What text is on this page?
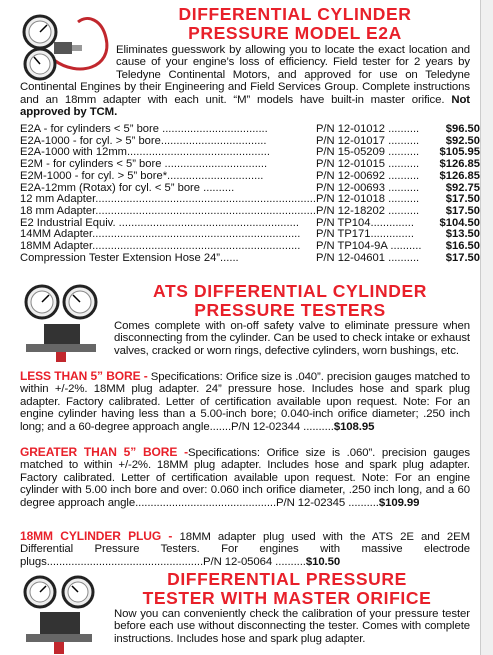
DIFFERENTIAL CYLINDER
PRESSURE MODEL E2A
Eliminates guesswork by allowing you to locate the exact location and cause of your engine’s loss of efficiency. Field tester for 2 years by Teledyne Continental Motors, and approved for use on Teledyne Continental Engines by their Engineering and Field Services Group. Complete instructions and an 18mm adapter with each unit. “M” models have built-in master orifice. Not approved by TCM.
E2A - for cylinders < 5” bore ..................................	P/N 12-01012 ..........	$96.50
E2A-1000 - for cyl. > 5” bore..................................	P/N 12-01017 ..........	$92.50
E2A-1000 with 12mm..............................................	P/N 15-05209 ..........	$105.95
E2M - for cylinders < 5” bore .................................	P/N 12-01015 ..........	$126.85
E2M-1000 - for cyl. > 5” bore*...............................	P/N 12-00692 ..........	$126.85
E2A-12mm (Rotax) for cyl. < 5” bore ..........	P/N 12-00693 ..........	$92.75
12 mm Adapter.......................................................................	P/N 12-01018 ..........	$17.50
18 mm Adapter.......................................................................	P/N 12-18202 ..........	$17.50
E2 Industrial Equiv. ..........................................................	P/N TP104..............	$104.50
14MM Adapter...................................................................	P/N TP171..............	$13.50
18MM Adapter...................................................................	P/N TP104-9A ..........	$16.50
Compression Tester Extension Hose 24”......	P/N 12-04601 ..........	$17.50
ATS DIFFERENTIAL CYLINDER
PRESSURE TESTERS
Comes complete with on-off safety valve to eliminate pressure when disconnecting from the cylinder. Can be used to check intake or exhaust valves, cracked or worn rings, defective cylinders, worn bushings, etc.
LESS THAN 5” BORE - Specifications: Orifice size is .040”. precision gauges matched to within +/-2%. 18MM plug adapter. 24” pressure hose. Includes hose and spark plug adapter. Factory calibrated. Letter of certification available upon request. Note: For an engine cylinder having less than a 5.00-inch bore; 0.040-inch orifice diameter; .250 inch long; and a 60-degree approach angle.......P/N 12-02344 ..........$108.95
GREATER THAN 5” BORE -Specifications: Orifice size is .060”. precision gauges matched to within +/-2%. 18MM plug adapter. Includes hose and spark plug adapter. Factory calibrated. Letter of certification available upon request. Note: For an engine cylinder with 5.00 inch bore and over: 0.060 inch orifice diameter, .250 inch long, and a 60 degree approach angle..............................................P/N 12-02345 ..........$109.99
18MM CYLINDER PLUG - 18MM adapter plug used with the ATS 2E and 2EM Differential Pressure Testers. For engines with massive electrode plugs...................................................P/N 12-05064 ..........$10.50
DIFFERENTIAL PRESSURE
TESTER WITH MASTER ORIFICE
Now you can conveniently check the calibration of your pressure tester before each use without disconnecting the tester. Comes with complete instructions. Includes hose and spark plug adapter.
